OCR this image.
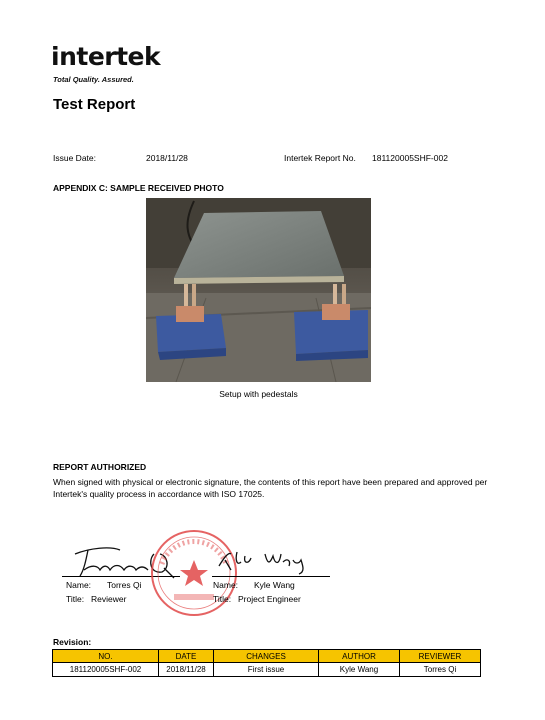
intertek
Total Quality. Assured.
Test Report
Issue Date:	2018/11/28	Intertek Report No. 181120005SHF-002
APPENDIX C: SAMPLE RECEIVED PHOTO
Setup with pedestals
REPORT AUTHORIZED
When signed with physical or electronic signature, the contents of this report have been prepared and approved per Intertek's quality process in accordance with ISO 17025.
Name: Torres Qi
Title: Reviewer
Name: Kyle Wang
Title: Project Engineer
Revision:
NO.	DATE	CHANGES	AUTHOR	REVIEWER
181120005SHF-002	2018/11/28	First issue	Kyle Wang	Torres Qi
